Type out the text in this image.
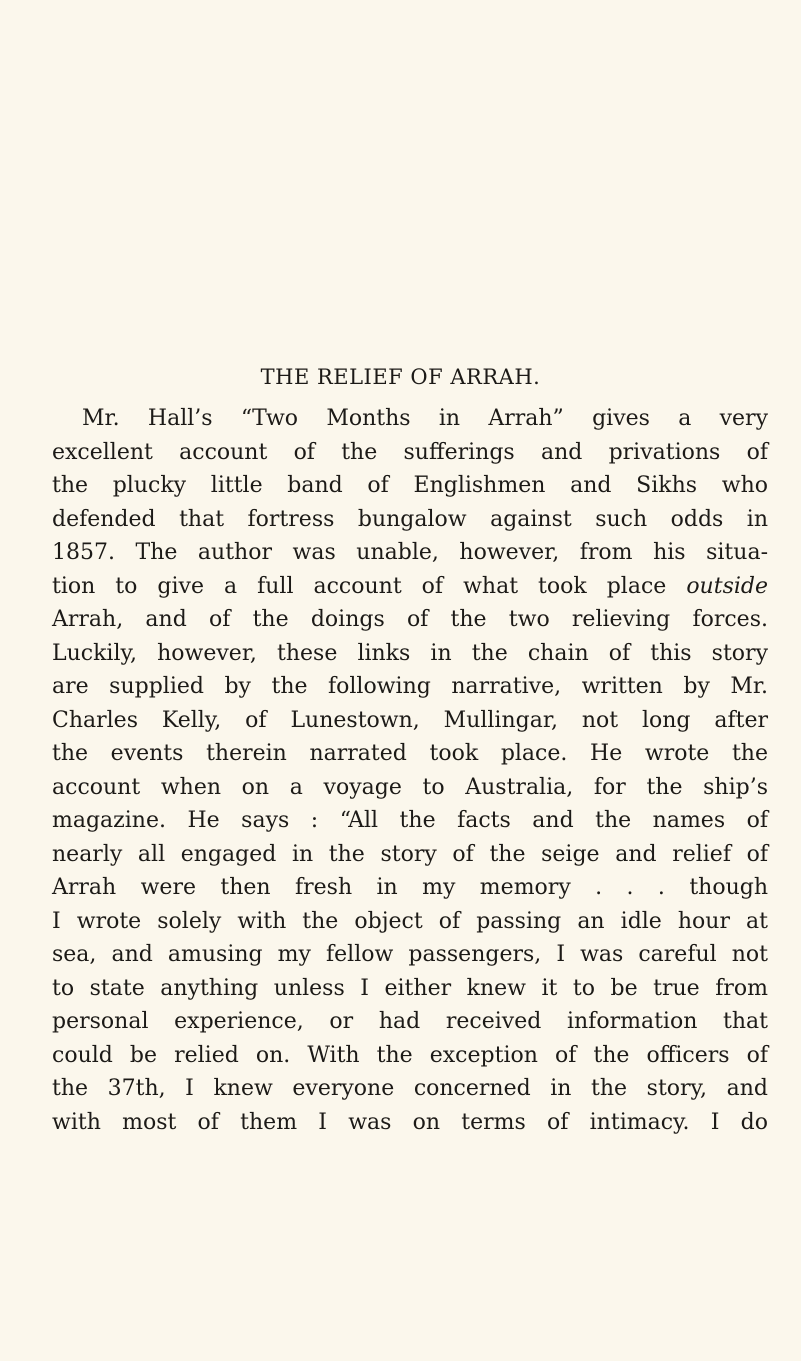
THE RELIEF OF ARRAH.
Mr. Hall’s “Two Months in Arrah” gives a very
excellent account of the sufferings and privations of
the plucky little band of Englishmen and Sikhs who
defended that fortress bungalow against such odds in
1857. The author was unable, however, from his situa-
tion to give a full account of what took place outside
Arrah, and of the doings of the two relieving forces.
Luckily, however, these links in the chain of this story
are supplied by the following narrative, written by Mr.
Charles Kelly, of Lunestown, Mullingar, not long after
the events therein narrated took place. He wrote the
account when on a voyage to Australia, for the ship’s
magazine. He says : “All the facts and the names of
nearly all engaged in the story of the seige and relief of
Arrah were then fresh in my memory . . . though
I wrote solely with the object of passing an idle hour at
sea, and amusing my fellow passengers, I was careful not
to state anything unless I either knew it to be true from
personal experience, or had received information that
could be relied on. With the exception of the officers of
the 37th, I knew everyone concerned in the story, and
with most of them I was on terms of intimacy. I do
